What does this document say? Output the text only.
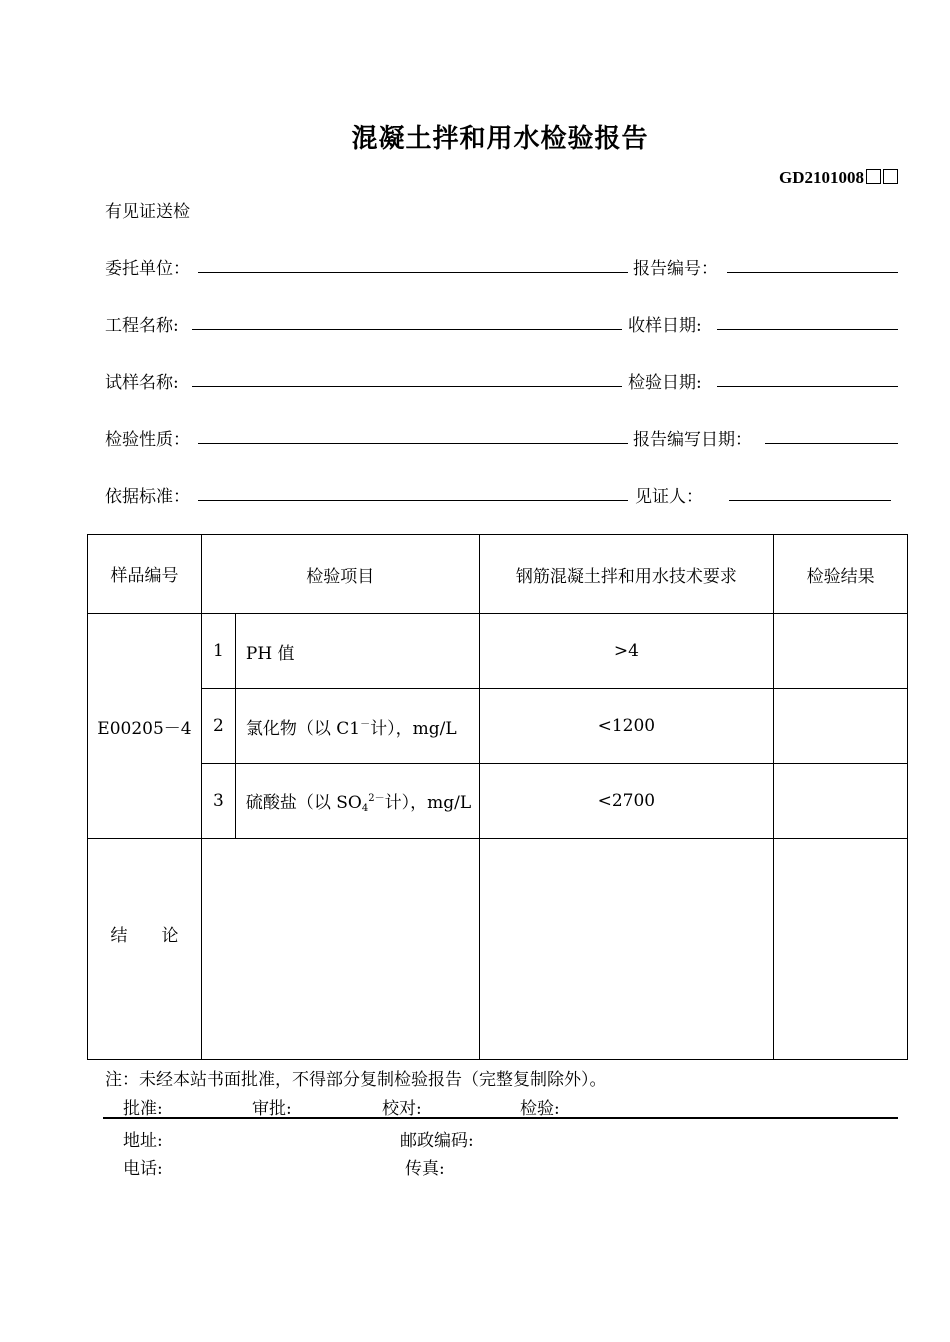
混凝土拌和用水检验报告
GD2101008
有见证送检
委托单位：	报告编号：
工程名称:	收样日期:
试样名称:	检验日期:
检验性质：	报告编写日期：
依据标准：	见证人：
样品编号	检验项目		钢筋混凝土拌和用水技术要求	检验结果
E00205－4	1	PH 值	>4	
	2	氯化物（以 C1－计），mg/L	<1200	
	3	硫酸盐（以 $SO_4^{2-}$计），mg/L	<2700	
结　　论				
注：未经本站书面批准，不得部分复制检验报告（完整复制除外）。
批准:	审批:	校对:	检验:
地址:	邮政编码:
电话:	传真:
